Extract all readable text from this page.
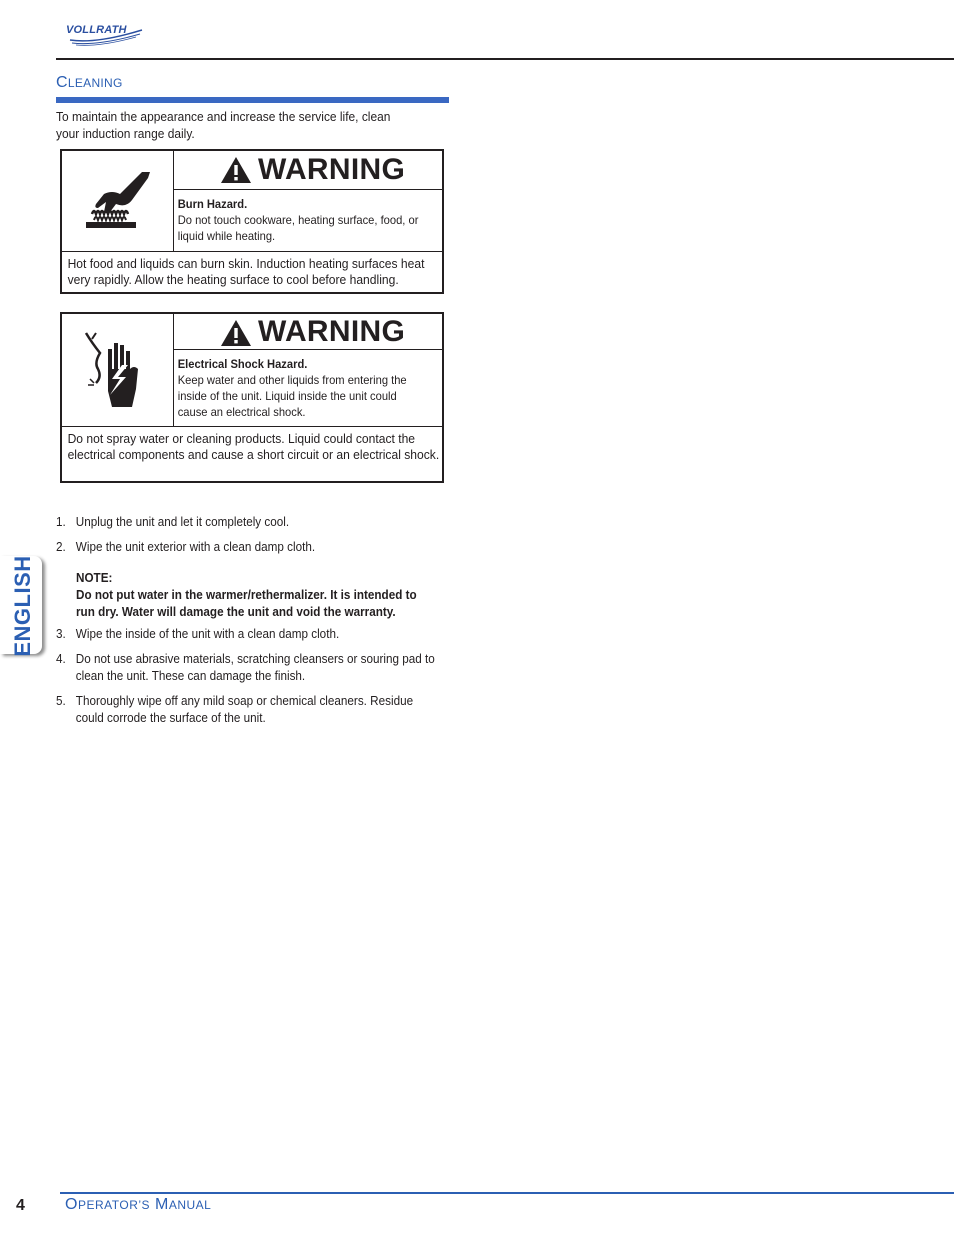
VOLLRATH
CLEANING
To maintain the appearance and increase the service life, clean your induction range daily.
WARNING
Burn Hazard.
Do not touch cookware, heating surface, food, or liquid while heating.
Hot food and liquids can burn skin. Induction heating surfaces heat very rapidly. Allow the heating surface to cool before handling.
WARNING
Electrical Shock Hazard.
Keep water and other liquids from entering the inside of the unit. Liquid inside the unit could cause an electrical shock.
Do not spray water or cleaning products. Liquid could contact the electrical components and cause a short circuit or an electrical shock.
1. Unplug the unit and let it completely cool.
2. Wipe the unit exterior with a clean damp cloth.
3. Wipe the inside of the unit with a clean damp cloth.
4. Do not use abrasive materials, scratching cleansers or souring pad to clean the unit. These can damage the finish.
5. Thoroughly wipe off any mild soap or chemical cleaners. Residue could corrode the surface of the unit.
NOTE:
Do not put water in the warmer/rethermalizer. It is intended to run dry. Water will damage the unit and void the warranty.
ENGLISH
4	OPERATOR’S MANUAL
